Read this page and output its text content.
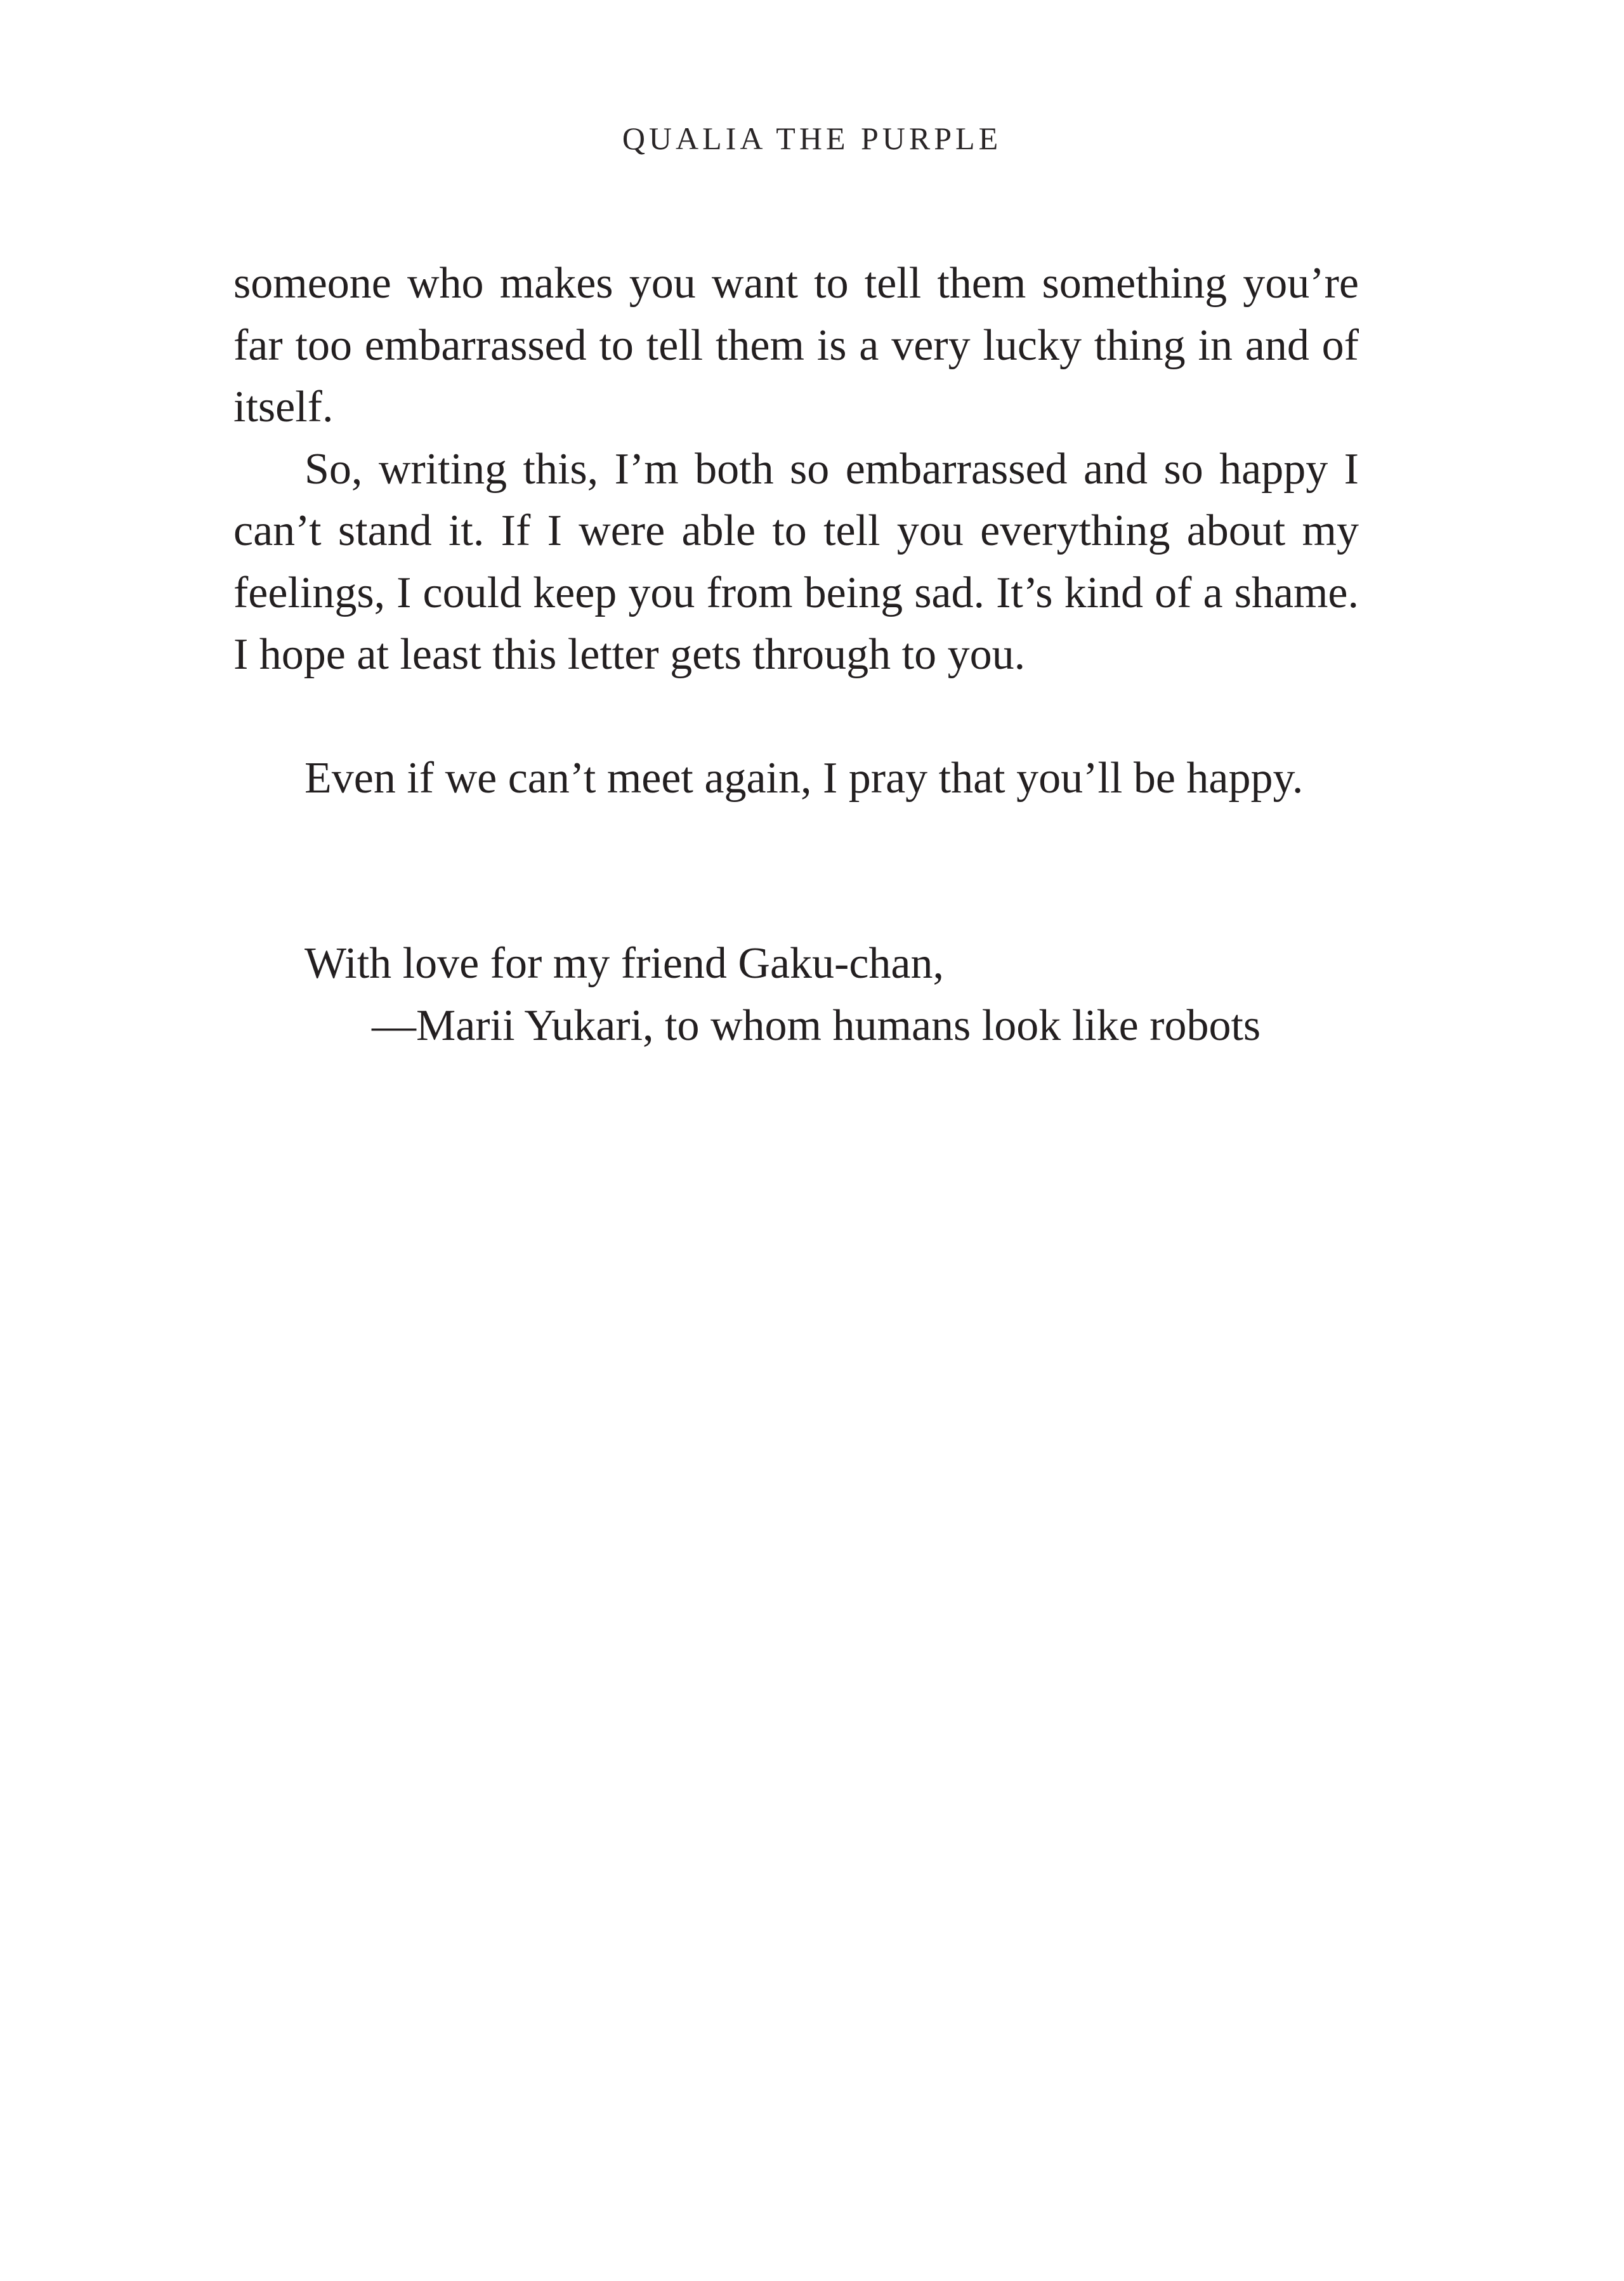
QUALIA THE PURPLE

someone who makes you want to tell them something you’re far too embarrassed to tell them is a very lucky thing in and of itself.

So, writing this, I’m both so embarrassed and so happy I can’t stand it. If I were able to tell you everything about my feelings, I could keep you from being sad. It’s kind of a shame. I hope at least this letter gets through to you.

Even if we can’t meet again, I pray that you’ll be happy.

With love for my friend Gaku-chan,

—Marii Yukari, to whom humans look like robots
